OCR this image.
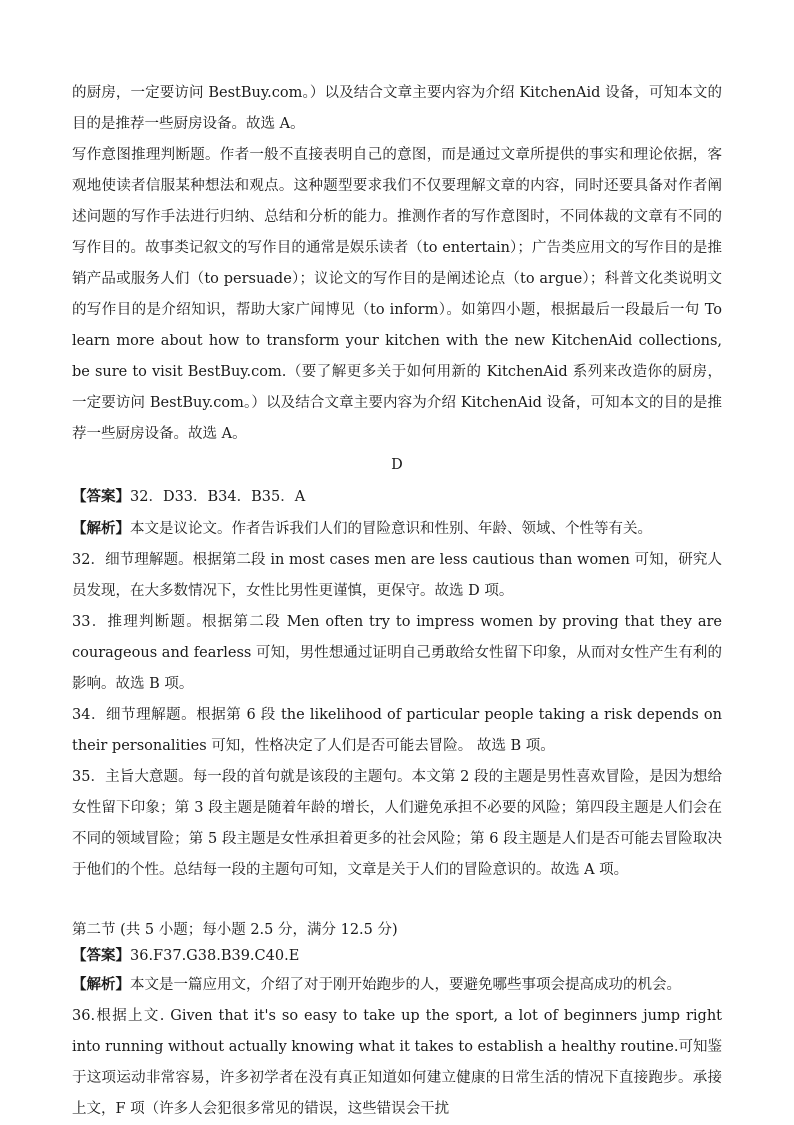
的厨房，一定要访问 BestBuy.com。）以及结合文章主要内容为介绍 KitchenAid 设备，可知本文的目的是推荐一些厨房设备。故选 A。

写作意图推理判断题。作者一般不直接表明自己的意图，而是通过文章所提供的事实和理论依据，客观地使读者信服某种想法和观点。这种题型要求我们不仅要理解文章的内容，同时还要具备对作者阐述问题的写作手法进行归纳、总结和分析的能力。推测作者的写作意图时，不同体裁的文章有不同的写作目的。故事类记叙文的写作目的通常是娱乐读者（to entertain）；广告类应用文的写作目的是推销产品或服务人们（to persuade）；议论文的写作目的是阐述论点（to argue）；科普文化类说明文的写作目的是介绍知识，帮助大家广闻博见（to inform）。如第四小题，根据最后一段最后一句 To learn more about how to transform your kitchen with the new KitchenAid collections, be sure to visit BestBuy.com.（要了解更多关于如何用新的 KitchenAid 系列来改造你的厨房，一定要访问 BestBuy.com。）以及结合文章主要内容为介绍 KitchenAid 设备，可知本文的目的是推荐一些厨房设备。故选 A。

D

【答案】32．D33．B34．B35．A

【解析】本文是议论文。作者告诉我们人们的冒险意识和性别、年龄、领域、个性等有关。

32．细节理解题。根据第二段 in most cases men are less cautious than women 可知，研究人员发现，在大多数情况下，女性比男性更谨慎，更保守。故选 D 项。

33．推理判断题。根据第二段 Men often try to impress women by proving that they are courageous and fearless 可知，男性想通过证明自己勇敢给女性留下印象，从而对女性产生有利的影响。故选 B 项。

34．细节理解题。根据第 6 段 the likelihood of particular people taking a risk depends on their personalities 可知，性格决定了人们是否可能去冒险。 故选 B 项。

35．主旨大意题。每一段的首句就是该段的主题句。本文第 2 段的主题是男性喜欢冒险，是因为想给女性留下印象；第 3 段主题是随着年龄的增长，人们避免承担不必要的风险；第四段主题是人们会在不同的领域冒险；第 5 段主题是女性承担着更多的社会风险；第 6 段主题是人们是否可能去冒险取决于他们的个性。总结每一段的主题句可知，文章是关于人们的冒险意识的。故选 A 项。

第二节 (共 5 小题；每小题 2.5 分，满分 12.5 分)

【答案】36.F37.G38.B39.C40.E

【解析】本文是一篇应用文，介绍了对于刚开始跑步的人，要避免哪些事项会提高成功的机会。

36.根据上文. Given that it's so easy to take up the sport, a lot of beginners jump right into running without actually knowing what it takes to establish a healthy routine.可知鉴于这项运动非常容易，许多初学者在没有真正知道如何建立健康的日常生活的情况下直接跑步。承接上文，F 项（许多人会犯很多常见的错误，这些错误会干扰
